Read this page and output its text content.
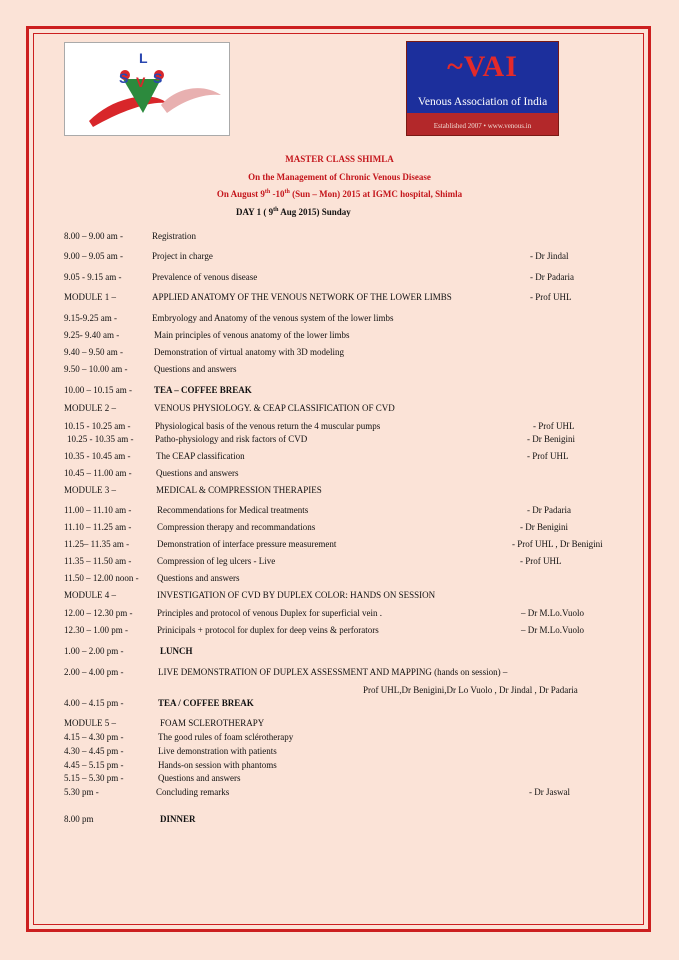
L
S V S	~VAI
Venous Association of India
Established 2007 • www.venous.in
MASTER CLASS SHIMLA
On the Management of Chronic Venous Disease
On August 9th -10th (Sun – Mon) 2015 at IGMC hospital, Shimla
DAY 1 ( 9th Aug 2015) Sunday
8.00 – 9.00 am -	Registration
9.00 – 9.05 am -	Project in charge	- Dr Jindal
9.05 - 9.15 am -	Prevalence of venous disease	- Dr Padaria
MODULE 1 –	APPLIED ANATOMY OF THE VENOUS NETWORK OF THE LOWER LIMBS	- Prof UHL
9.15-9.25 am -	Embryology and Anatomy of the venous system of the lower limbs
9.25- 9.40 am -	Main principles of venous anatomy of the lower limbs
9.40 – 9.50 am -	Demonstration of virtual anatomy with 3D modeling
9.50 – 10.00 am -	Questions and answers
10.00 – 10.15 am - TEA – COFFEE BREAK
MODULE 2 –	VENOUS PHYSIOLOGY. & CEAP CLASSIFICATION OF CVD
10.15 - 10.25 am -	Physiological basis of the venous return the 4 muscular pumps	- Prof UHL
10.25 - 10.35 am - Patho-physiology and risk factors of CVD	- Dr Benigini
10.35 - 10.45 am -	The CEAP classification	- Prof UHL
10.45 – 11.00 am -	Questions and answers
MODULE 3 –	MEDICAL & COMPRESSION THERAPIES
11.00 – 11.10 am -	Recommendations for Medical treatments	- Dr Padaria
11.10 – 11.25 am -	Compression therapy and recommandations	- Dr Benigini
11.25– 11.35 am -	Demonstration of interface pressure measurement	- Prof UHL , Dr Benigini
11.35 – 11.50 am -	Compression of leg ulcers - Live	- Prof UHL
11.50 – 12.00 noon - Questions and answers
MODULE 4 –	INVESTIGATION OF CVD BY DUPLEX COLOR: HANDS ON SESSION
12.00 – 12.30 pm -	Principles and protocol of venous Duplex for superficial vein .	– Dr M.Lo.Vuolo
12.30 – 1.00 pm -	Prinicipals + protocol for duplex for deep veins & perforators	– Dr M.Lo.Vuolo
1.00 – 2.00 pm -	LUNCH
2.00 – 4.00 pm -	LIVE DEMONSTRATION OF DUPLEX ASSESSMENT AND MAPPING (hands on session) –
Prof UHL,Dr Benigini,Dr Lo Vuolo , Dr Jindal , Dr Padaria
4.00 – 4.15 pm -	TEA / COFFEE BREAK
MODULE 5 –	FOAM SCLEROTHERAPY
4.15 – 4.30 pm -	The good rules of foam sclérotherapy
4.30 – 4.45 pm -	Live demonstration with patients
4.45 – 5.15 pm -	Hands-on session with phantoms
5.15 – 5.30 pm -	Questions and answers
5.30 pm -	Concluding remarks	- Dr Jaswal
8.00 pm	DINNER
